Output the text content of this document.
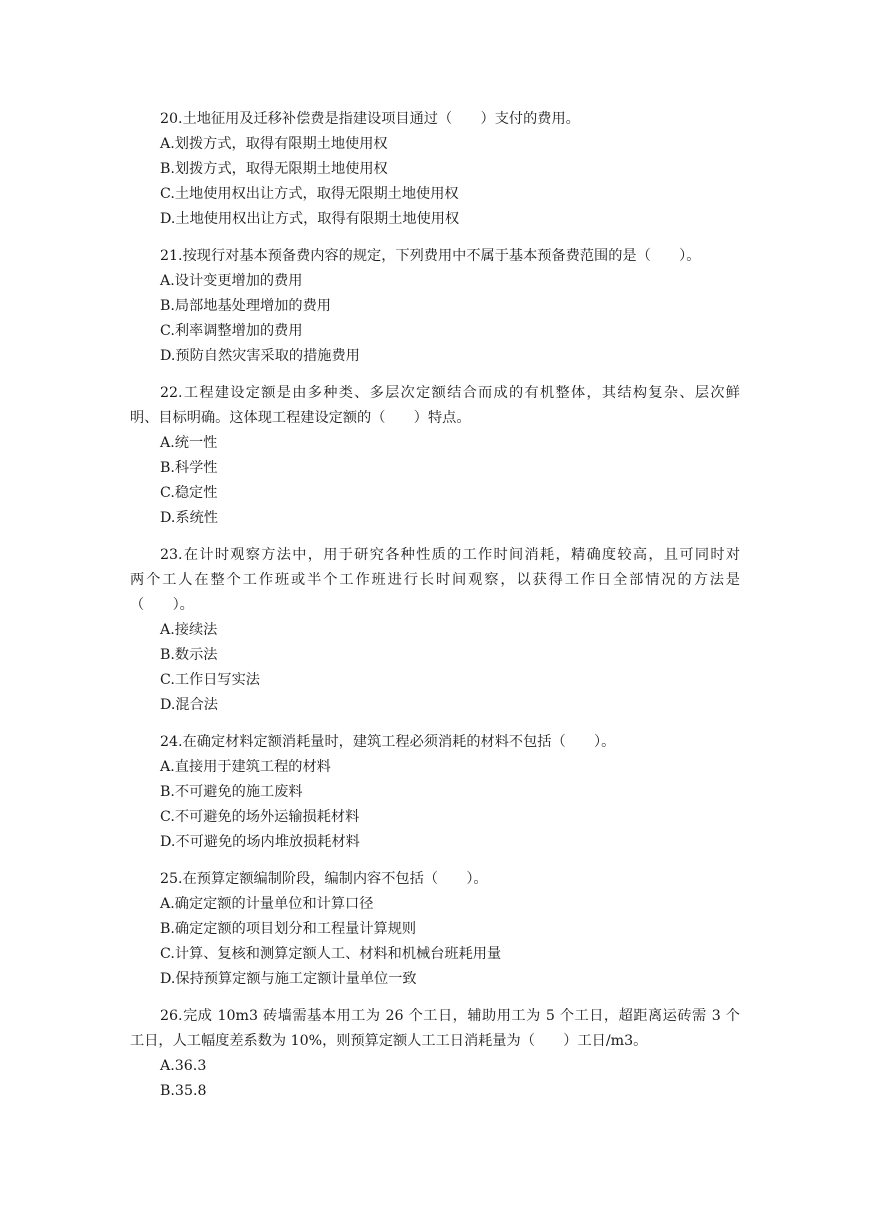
20.土地征用及迁移补偿费是指建设项目通过（　　）支付的费用。
A.划拨方式，取得有限期土地使用权
B.划拨方式，取得无限期土地使用权
C.土地使用权出让方式，取得无限期土地使用权
D.土地使用权出让方式，取得有限期土地使用权
21.按现行对基本预备费内容的规定，下列费用中不属于基本预备费范围的是（　　）。
A.设计变更增加的费用
B.局部地基处理增加的费用
C.利率调整增加的费用
D.预防自然灾害采取的措施费用
22.工程建设定额是由多种类、多层次定额结合而成的有机整体，其结构复杂、层次鲜
明、目标明确。这体现工程建设定额的（　　）特点。
A.统一性
B.科学性
C.稳定性
D.系统性
23.在计时观察方法中，用于研究各种性质的工作时间消耗，精确度较高，且可同时对
两个工人在整个工作班或半个工作班进行长时间观察，以获得工作日全部情况的方法是
（　　）。
A.接续法
B.数示法
C.工作日写实法
D.混合法
24.在确定材料定额消耗量时，建筑工程必须消耗的材料不包括（　　）。
A.直接用于建筑工程的材料
B.不可避免的施工废料
C.不可避免的场外运输损耗材料
D.不可避免的场内堆放损耗材料
25.在预算定额编制阶段，编制内容不包括（　　）。
A.确定定额的计量单位和计算口径
B.确定定额的项目划分和工程量计算规则
C.计算、复核和测算定额人工、材料和机械台班耗用量
D.保持预算定额与施工定额计量单位一致
26.完成 10m3 砖墙需基本用工为 26 个工日，辅助用工为 5 个工日，超距离运砖需 3 个
工日，人工幅度差系数为 10%，则预算定额人工工日消耗量为（　　）工日/m3。
A.36.3
B.35.8
